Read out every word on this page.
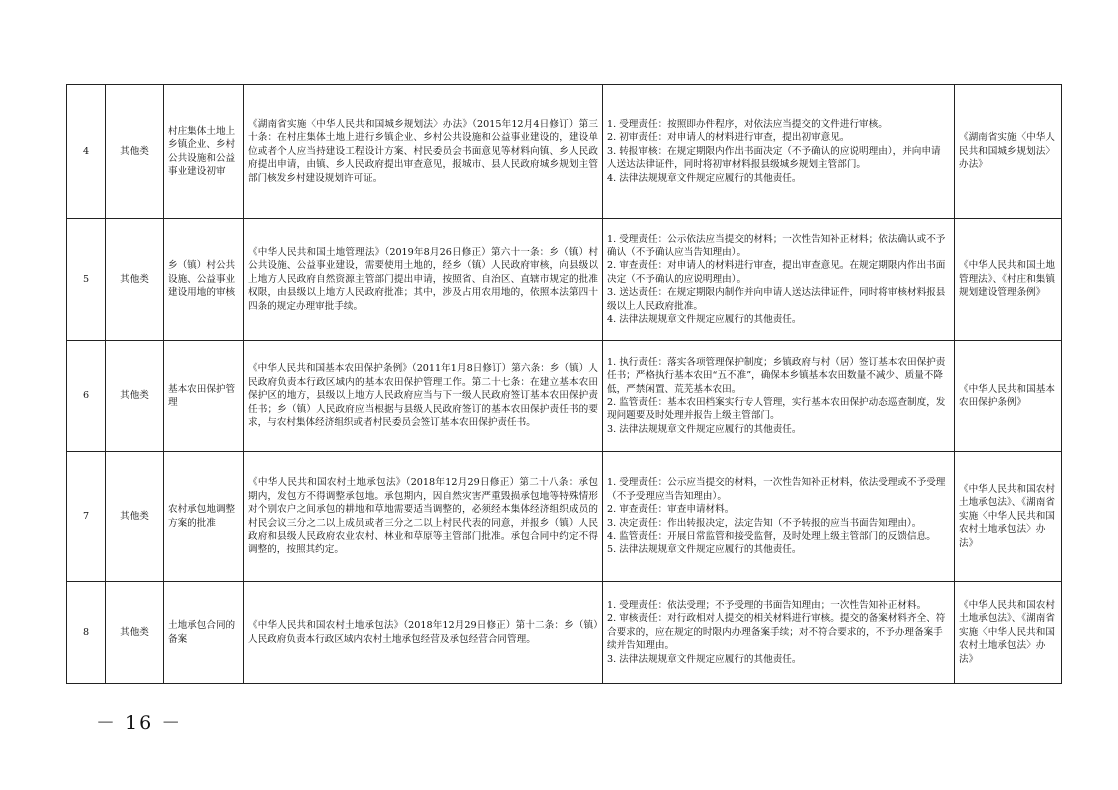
4	其他类	村庄集体土地上乡镇企业、乡村公共设施和公益事业建设初审	《湖南省实施〈中华人民共和国城乡规划法〉办法》（2015年12月4日修订）第三十条：在村庄集体土地上进行乡镇企业、乡村公共设施和公益事业建设的，建设单位或者个人应当持建设工程设计方案、村民委员会书面意见等材料向镇、乡人民政府提出申请，由镇、乡人民政府提出审查意见，报城市、县人民政府城乡规划主管部门核发乡村建设规划许可证。	1. 受理责任：按照即办件程序，对依法应当提交的文件进行审核。
2. 初审责任：对申请人的材料进行审查，提出初审意见。
3. 转报审核：在规定期限内作出书面决定（不予确认的应说明理由），并向申请人送达法律证件，同时将初审材料报县级城乡规划主管部门。
4. 法律法规规章文件规定应履行的其他责任。	《湖南省实施〈中华人民共和国城乡规划法〉办法》
5	其他类	乡（镇）村公共设施、公益事业建设用地的审核	《中华人民共和国土地管理法》（2019年8月26日修正）第六十一条：乡（镇）村公共设施、公益事业建设，需要使用土地的，经乡（镇）人民政府审核，向县级以上地方人民政府自然资源主管部门提出申请，按照省、自治区、直辖市规定的批准权限，由县级以上地方人民政府批准；其中，涉及占用农用地的，依照本法第四十四条的规定办理审批手续。	1. 受理责任：公示依法应当提交的材料；一次性告知补正材料；依法确认或不予确认（不予确认应当告知理由）。
2. 审查责任：对申请人的材料进行审查，提出审查意见。在规定期限内作出书面决定（不予确认的应说明理由）。
3. 送达责任：在规定期限内制作并向申请人送达法律证件，同时将审核材料报县级以上人民政府批准。
4. 法律法规规章文件规定应履行的其他责任。	《中华人民共和国土地管理法》、《村庄和集镇规划建设管理条例》
6	其他类	基本农田保护管理	《中华人民共和国基本农田保护条例》（2011年1月8日修订）第六条：乡（镇）人民政府负责本行政区域内的基本农田保护管理工作。第二十七条：在建立基本农田保护区的地方，县级以上地方人民政府应当与下一级人民政府签订基本农田保护责任书；乡（镇）人民政府应当根据与县级人民政府签订的基本农田保护责任书的要求，与农村集体经济组织或者村民委员会签订基本农田保护责任书。	1. 执行责任：落实各项管理保护制度；乡镇政府与村（居）签订基本农田保护责任书；严格执行基本农田“五不准”，确保本乡镇基本农田数量不减少、质量不降低，严禁闲置、荒芜基本农田。
2. 监管责任：基本农田档案实行专人管理，实行基本农田保护动态巡查制度，发现问题要及时处理并报告上级主管部门。
3. 法律法规规章文件规定应履行的其他责任。	《中华人民共和国基本农田保护条例》
7	其他类	农村承包地调整方案的批准	《中华人民共和国农村土地承包法》（2018年12月29日修正）第二十八条：承包期内，发包方不得调整承包地。承包期内，因自然灾害严重毁损承包地等特殊情形对个别农户之间承包的耕地和草地需要适当调整的，必须经本集体经济组织成员的村民会议三分之二以上成员或者三分之二以上村民代表的同意，并报乡（镇）人民政府和县级人民政府农业农村、林业和草原等主管部门批准。承包合同中约定不得调整的，按照其约定。	1. 受理责任：公示应当提交的材料，一次性告知补正材料，依法受理或不予受理（不予受理应当告知理由）。
2. 审查责任：审查申请材料。
3. 决定责任：作出转报决定，法定告知（不予转报的应当书面告知理由）。
4. 监管责任：开展日常监管和接受监督，及时处理上级主管部门的反馈信息。
5. 法律法规规章文件规定应履行的其他责任。	《中华人民共和国农村土地承包法》、《湖南省实施〈中华人民共和国农村土地承包法〉办法》
8	其他类	土地承包合同的备案	《中华人民共和国农村土地承包法》（2018年12月29日修正）第十二条：乡（镇）人民政府负责本行政区域内农村土地承包经营及承包经营合同管理。	1. 受理责任：依法受理；不予受理的书面告知理由；一次性告知补正材料。
2. 审核责任：对行政相对人提交的相关材料进行审核。提交的备案材料齐全、符合要求的，应在规定的时限内办理备案手续；对不符合要求的，不予办理备案手续并告知理由。
3. 法律法规规章文件规定应履行的其他责任。	《中华人民共和国农村土地承包法》、《湖南省实施〈中华人民共和国农村土地承包法〉办法》
－ 16 －
